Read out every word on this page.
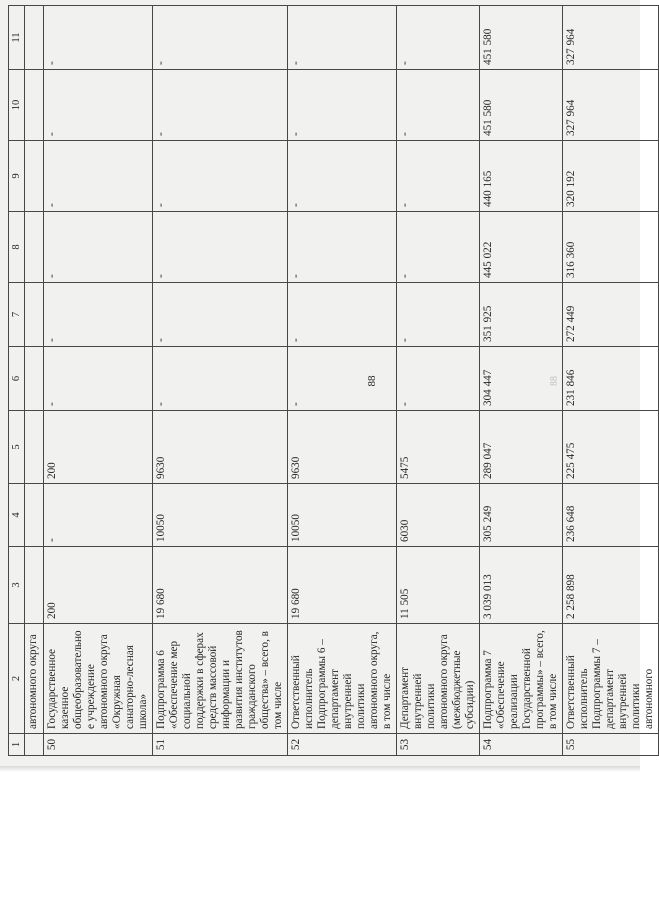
88	88
1	2	3	4	5	6	7	8	9	10	11
	автономного округа									
50	Государственное казенное общеобразовательное учреждение автономного округа «Окружная санаторно-лесная школа»	200	-	200	-	-	-	-	-	-
51	Подпрограмма 6 «Обеспечение мер социальной поддержки в сферах средств массовой информации и развития институтов гражданского общества» – всего, в том числе	19 680	10050	9630	-	-	-	-	-	-
52	Ответственный исполнитель Подпрограммы 6 – департамент внутренней политики автономного округа, в том числе	19 680	10050	9630	-	-	-	-	-	-
53	Департамент внутренней политики автономного округа (межбюджетные субсидии)	11 505	6030	5475	-	-	-	-	-	-
54	Подпрограмма 7 «Обеспечение реализации Государственной программы» – всего, в том числе	3 039 013	305 249	289 047	304 447	351 925	445 022	440 165	451 580	451 580
55	Ответственный исполнитель Подпрограммы 7 – департамент внутренней политики автономного	2 258 898	236 648	225 475	231 846	272 449	316 360	320 192	327 964	327 964
